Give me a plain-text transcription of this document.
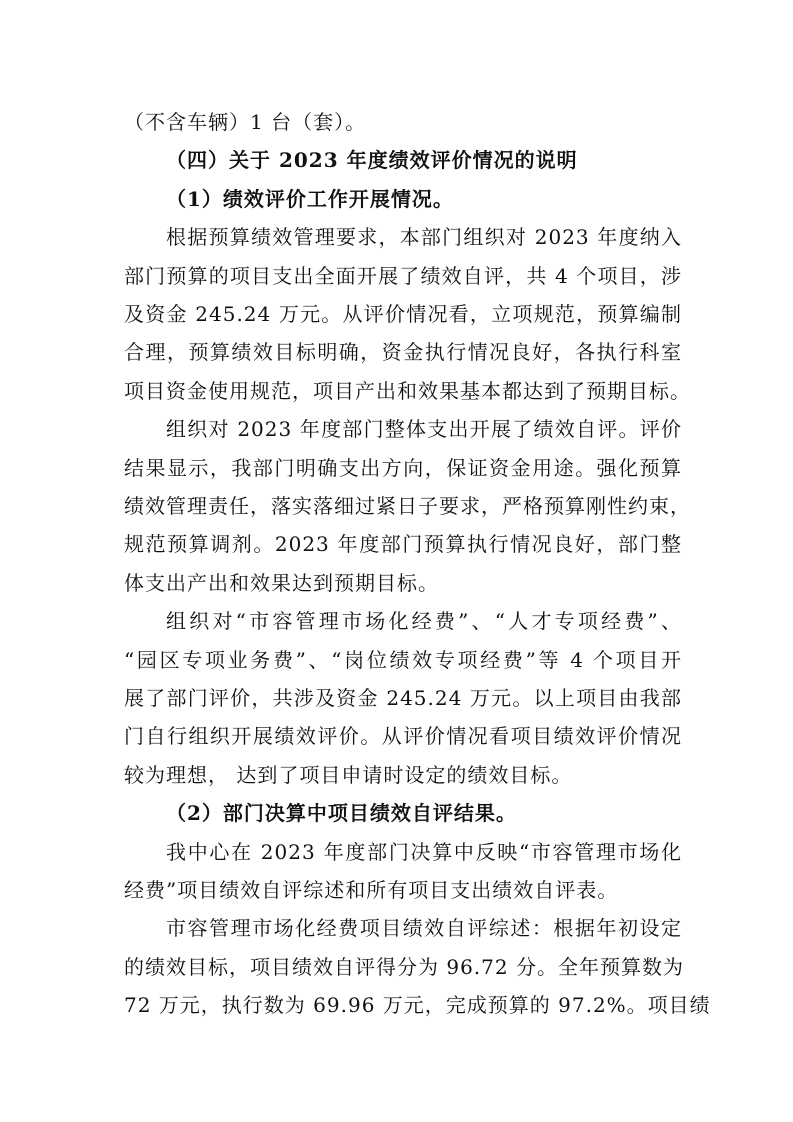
（不含车辆）1 台（套）。
（四）关于 2023 年度绩效评价情况的说明
（1）绩效评价工作开展情况。
根据预算绩效管理要求，本部门组织对 2023 年度纳入
部门预算的项目支出全面开展了绩效自评，共 4 个项目，涉
及资金 245.24 万元。从评价情况看，立项规范，预算编制
合理，预算绩效目标明确，资金执行情况良好，各执行科室
项目资金使用规范，项目产出和效果基本都达到了预期目标。
组织对 2023 年度部门整体支出开展了绩效自评。评价
结果显示，我部门明确支出方向，保证资金用途。强化预算
绩效管理责任，落实落细过紧日子要求，严格预算刚性约束，
规范预算调剂。2023 年度部门预算执行情况良好，部门整
体支出产出和效果达到预期目标。
组织对“市容管理市场化经费”、“人才专项经费”、
“园区专项业务费”、“岗位绩效专项经费”等 4 个项目开
展了部门评价，共涉及资金 245.24 万元。以上项目由我部
门自行组织开展绩效评价。从评价情况看项目绩效评价情况
较为理想， 达到了项目申请时设定的绩效目标。
（2）部门决算中项目绩效自评结果。
我中心在 2023 年度部门决算中反映“市容管理市场化
经费”项目绩效自评综述和所有项目支出绩效自评表。
市容管理市场化经费项目绩效自评综述：根据年初设定
的绩效目标，项目绩效自评得分为 96.72 分。全年预算数为
72 万元，执行数为 69.96 万元，完成预算的 97.2%。项目绩
